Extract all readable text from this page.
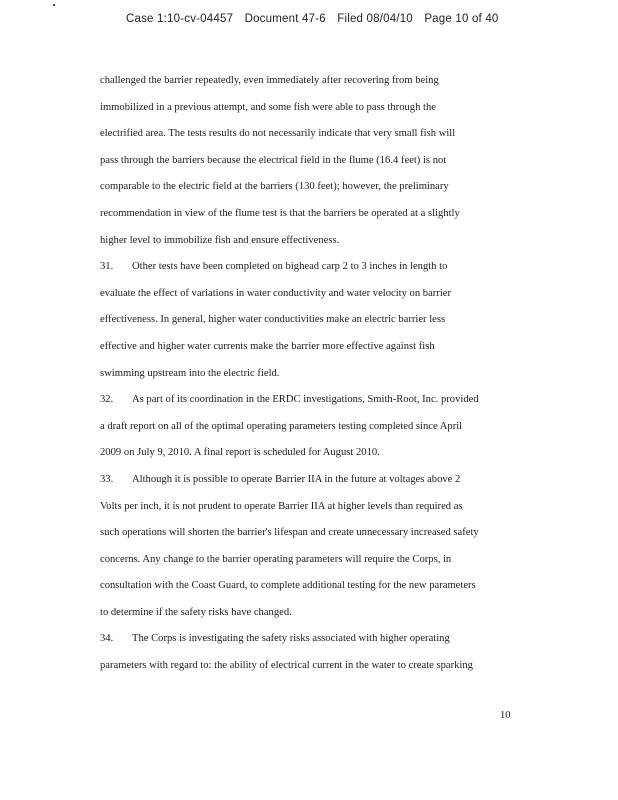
Case 1:10-cv-04457 Document 47-6 Filed 08/04/10 Page 10 of 40
challenged the barrier repeatedly, even immediately after recovering from being
immobilized in a previous attempt, and some fish were able to pass through the
electrified area. The tests results do not necessarily indicate that very small fish will
pass through the barriers because the electrical field in the flume (16.4 feet) is not
comparable to the electric field at the barriers (130 feet); however, the preliminary
recommendation in view of the flume test is that the barriers be operated at a slightly
higher level to immobilize fish and ensure effectiveness.
31. Other tests have been completed on bighead carp 2 to 3 inches in length to
evaluate the effect of variations in water conductivity and water velocity on barrier
effectiveness. In general, higher water conductivities make an electric barrier less
effective and higher water currents make the barrier more effective against fish
swimming upstream into the electric field.
32. As part of its coordination in the ERDC investigations, Smith-Root, Inc. provided
a draft report on all of the optimal operating parameters testing completed since April
2009 on July 9, 2010. A final report is scheduled for August 2010.
33. Although it is possible to operate Barrier IIA in the future at voltages above 2
Volts per inch, it is not prudent to operate Barrier IIA at higher levels than required as
such operations will shorten the barrier's lifespan and create unnecessary increased safety
concerns. Any change to the barrier operating parameters will require the Corps, in
consultation with the Coast Guard, to complete additional testing for the new parameters
to determine if the safety risks have changed.
34. The Corps is investigating the safety risks associated with higher operating
parameters with regard to: the ability of electrical current in the water to create sparking
10
